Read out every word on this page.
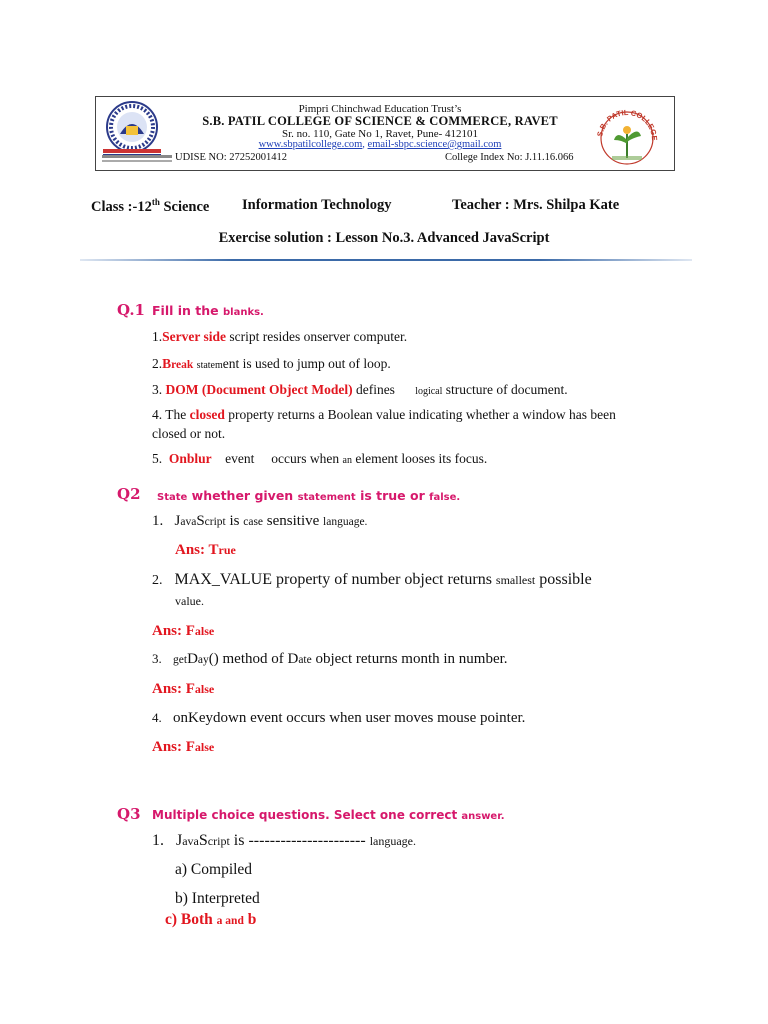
Pimpri Chinchwad Education Trust’s
S.B. PATIL COLLEGE OF SCIENCE & COMMERCE, RAVET
Sr. no. 110, Gate No 1, Ravet, Pune- 412101
www.sbpatilcollege.com, email-sbpc.science@gmail.com
UDISE NO: 27252001412	College Index No: J.11.16.066
S.B. PATIL COLLEGE
Class :-12th Science Information Technology	Teacher : Mrs. Shilpa Kate
Exercise solution : Lesson No.3. Advanced JavaScript
Q.1 Fill in the blanks.
1.Server side script resides onserver computer.
2.Break statement is used to jump out of loop.
3. DOM (Document Object Model) defines      logical structure of document.
4. The closed property returns a Boolean value indicating whether a window has been
closed or not.
5.  Onblur    event     occurs when an element looses its focus.
Q2 State whether given statement is true or false.
1. JavaScript is case sensitive language.
Ans: True
2. MAX_VALUE property of number object returns smallest possible
value.
Ans: False
3. getDay() method of Date object returns month in number.
Ans: False
4. onKeydown event occurs when user moves mouse pointer.
Ans: False
Q3 Multiple choice questions. Select one correct answer.
1. JavaScript is ---------------------- language.
a) Compiled
b) Interpreted
c) Both a and b
